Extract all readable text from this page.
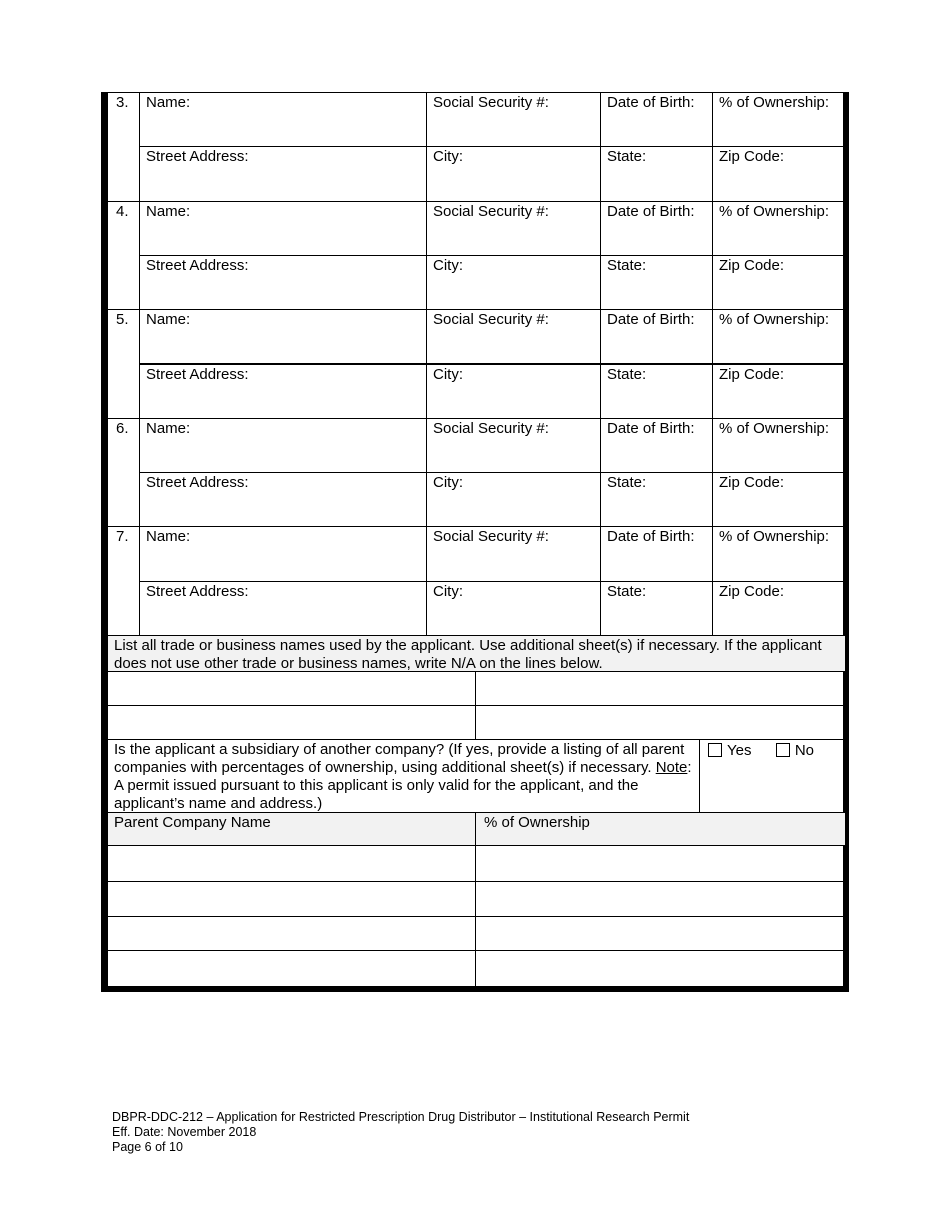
3. Name:
Street Address:
Social Security #:
City:
Date of Birth:
State:
% of Ownership:
Zip Code:
4. Name:
Street Address:
Social Security #:
City:
Date of Birth:
State:
% of Ownership:
Zip Code:
5. Name:
Street Address:
Social Security #:
City:
Date of Birth:
State:
% of Ownership:
Zip Code:
6. Name:
Street Address:
Social Security #:
City:
Date of Birth:
State:
% of Ownership:
Zip Code:
7. Name:
Street Address:
Social Security #:
City:
Date of Birth:
State:
% of Ownership:
Zip Code:
List all trade or business names used by the applicant. Use additional sheet(s) if necessary. If the applicant does not use other trade or business names, write N/A on the lines below.
Is the applicant a subsidiary of another company? (If yes, provide a listing of all parent companies with percentages of ownership, using additional sheet(s) if necessary. Note: A permit issued pursuant to this applicant is only valid for the applicant, and the applicant’s name and address.)
Yes	No
Parent Company Name	% of Ownership
DBPR-DDC-212 – Application for Restricted Prescription Drug Distributor – Institutional Research Permit
Eff. Date: November 2018
Page 6 of 10
